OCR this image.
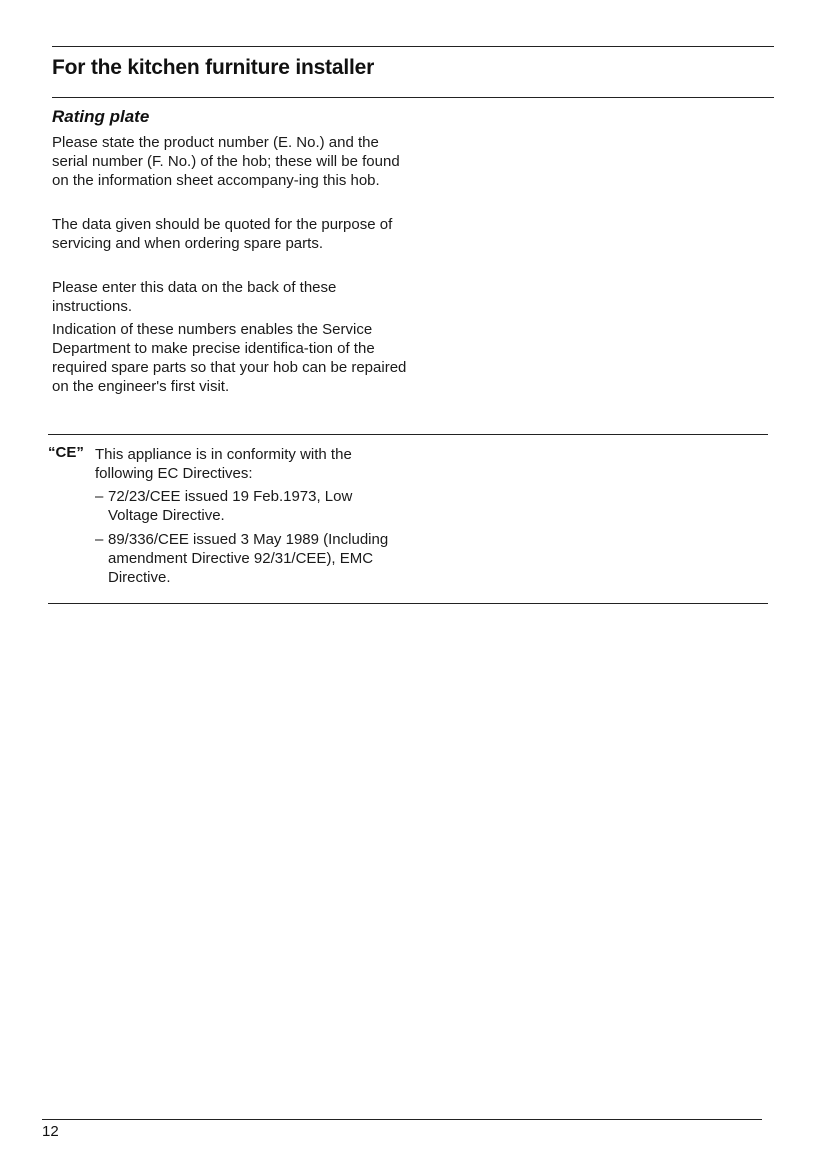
For the kitchen furniture installer
Rating plate

Please state the product number (E. No.) and the serial number (F. No.) of the hob; these will be found on the information sheet accompany-ing this hob.

The data given should be quoted for the purpose of servicing and when ordering spare parts.

Please enter this data on the back of these instructions.

Indication of these numbers enables the Service Department to make precise identifica-tion of the required spare parts so that your hob can be repaired on the engineer's first visit.

“CE” This appliance is in conformity with the following EC Directives:

– 72/23/CEE issued 19 Feb.1973, Low Voltage Directive.
– 89/336/CEE issued 3 May 1989 (Including amendment Directive 92/31/CEE), EMC Directive.
12
